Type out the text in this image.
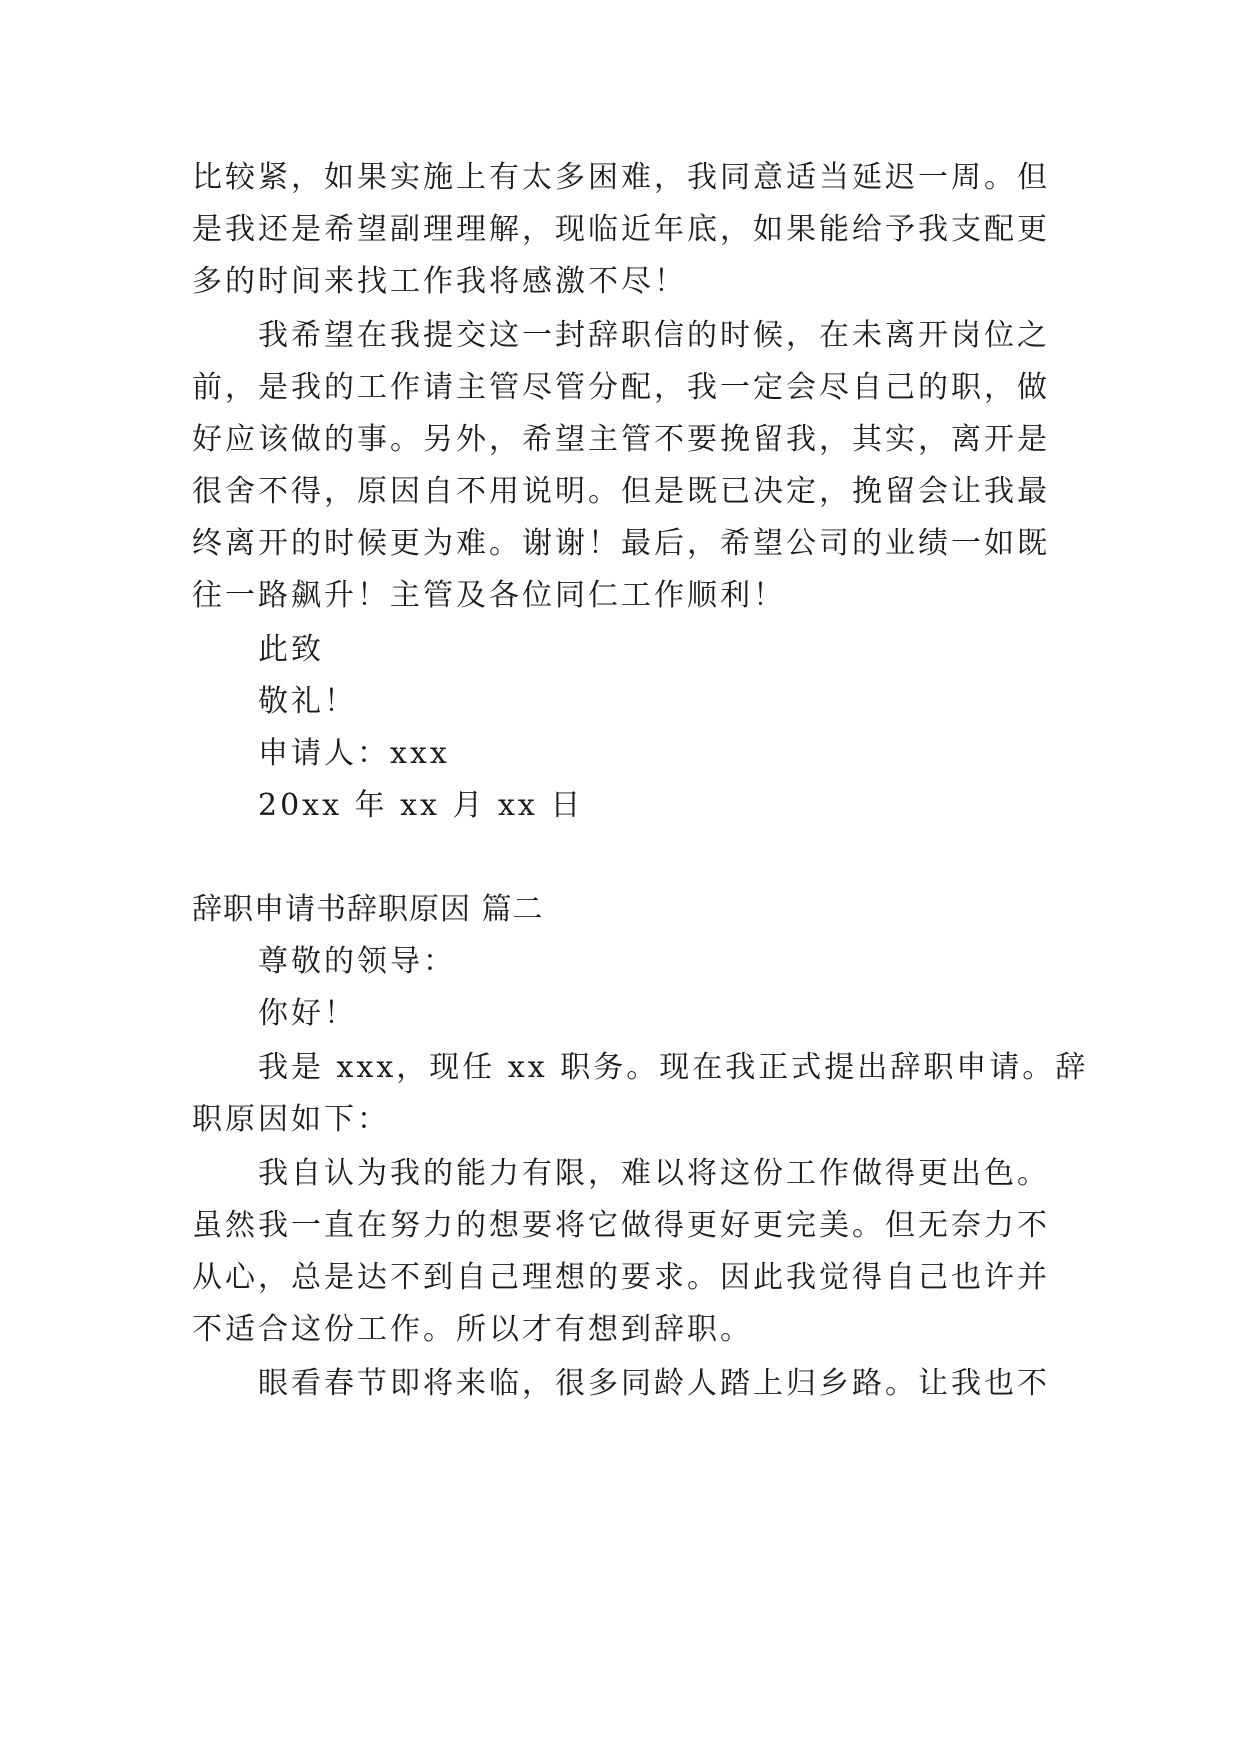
比较紧，如果实施上有太多困难，我同意适当延迟一周。但
是我还是希望副理理解，现临近年底，如果能给予我支配更
多的时间来找工作我将感激不尽！
我希望在我提交这一封辞职信的时候，在未离开岗位之
前，是我的工作请主管尽管分配，我一定会尽自己的职，做
好应该做的事。另外，希望主管不要挽留我，其实，离开是
很舍不得，原因自不用说明。但是既已决定，挽留会让我最
终离开的时候更为难。谢谢！最后，希望公司的业绩一如既
往一路飙升！主管及各位同仁工作顺利！
此致
敬礼！
申请人：xxx
20xx 年 xx 月 xx 日
辞职申请书辞职原因 篇二
尊敬的领导：
你好！
我是 xxx，现任 xx 职务。现在我正式提出辞职申请。辞
职原因如下：
我自认为我的能力有限，难以将这份工作做得更出色。
虽然我一直在努力的想要将它做得更好更完美。但无奈力不
从心，总是达不到自己理想的要求。因此我觉得自己也许并
不适合这份工作。所以才有想到辞职。
眼看春节即将来临，很多同龄人踏上归乡路。让我也不
